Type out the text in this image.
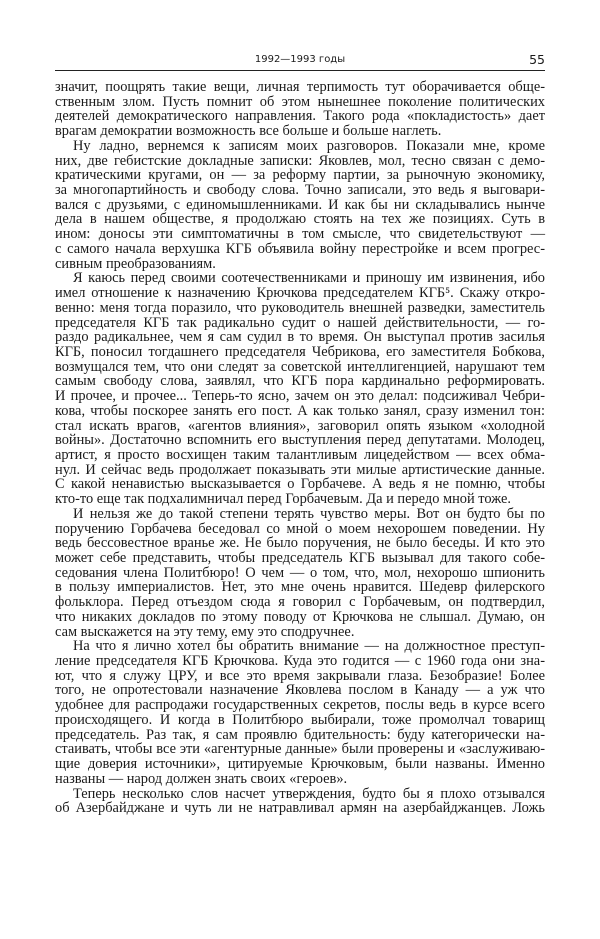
1992—1993 годы	55
значит, поощрять такие вещи, личная терпимость тут оборачивается обще-
ственным злом. Пусть помнит об этом нынешнее поколение политических
деятелей демократического направления. Такого рода «покладистость» дает
врагам демократии возможность все больше и больше наглеть.
Ну ладно, вернемся к записям моих разговоров. Показали мне, кроме
них, две гебистские докладные записки: Яковлев, мол, тесно связан с демо-
кратическими кругами, он — за реформу партии, за рыночную экономику,
за многопартийность и свободу слова. Точно записали, это ведь я выговари-
вался с друзьями, с единомышленниками. И как бы ни складывались нынче
дела в нашем обществе, я продолжаю стоять на тех же позициях. Суть в
ином: доносы эти симптоматичны в том смысле, что свидетельствуют —
с самого начала верхушка КГБ объявила войну перестройке и всем прогрес-
сивным преобразованиям.
Я каюсь перед своими соотечественниками и приношу им извинения, ибо
имел отношение к назначению Крючкова председателем КГБ⁵. Скажу откро-
венно: меня тогда поразило, что руководитель внешней разведки, заместитель
председателя КГБ так радикально судит о нашей действительности, — го-
раздо радикальнее, чем я сам судил в то время. Он выступал против засилья
КГБ, поносил тогдашнего председателя Чебрикова, его заместителя Бобкова,
возмущался тем, что они следят за советской интеллигенцией, нарушают тем
самым свободу слова, заявлял, что КГБ пора кардинально реформировать.
И прочее, и прочее... Теперь-то ясно, зачем он это делал: подсиживал Чебри-
кова, чтобы поскорее занять его пост. А как только занял, сразу изменил тон:
стал искать врагов, «агентов влияния», заговорил опять языком «холодной
войны». Достаточно вспомнить его выступления перед депутатами. Молодец,
артист, я просто восхищен таким талантливым лицедейством — всех обма-
нул. И сейчас ведь продолжает показывать эти милые артистические данные.
С какой ненавистью высказывается о Горбачеве. А ведь я не помню, чтобы
кто-то еще так подхалимничал перед Горбачевым. Да и передо мной тоже.
И нельзя же до такой степени терять чувство меры. Вот он будто бы по
поручению Горбачева беседовал со мной о моем нехорошем поведении. Ну
ведь бессовестное вранье же. Не было поручения, не было беседы. И кто это
может себе представить, чтобы председатель КГБ вызывал для такого собе-
седования члена Политбюро! О чем — о том, что, мол, нехорошо шпионить
в пользу империалистов. Нет, это мне очень нравится. Шедевр филерского
фольклора. Перед отъездом сюда я говорил с Горбачевым, он подтвердил,
что никаких докладов по этому поводу от Крючкова не слышал. Думаю, он
сам выскажется на эту тему, ему это сподручнее.
На что я лично хотел бы обратить внимание — на должностное преступ-
ление председателя КГБ Крючкова. Куда это годится — с 1960 года они зна-
ют, что я служу ЦРУ, и все это время закрывали глаза. Безобразие! Более
того, не опротестовали назначение Яковлева послом в Канаду — а уж что
удобнее для распродажи государственных секретов, послы ведь в курсе всего
происходящего. И когда в Политбюро выбирали, тоже промолчал товарищ
председатель. Раз так, я сам проявлю бдительность: буду категорически на-
стаивать, чтобы все эти «агентурные данные» были проверены и «заслуживаю-
щие доверия источники», цитируемые Крючковым, были названы. Именно
названы — народ должен знать своих «героев».
Теперь несколько слов насчет утверждения, будто бы я плохо отзывался
об Азербайджане и чуть ли не натравливал армян на азербайджанцев. Ложь
